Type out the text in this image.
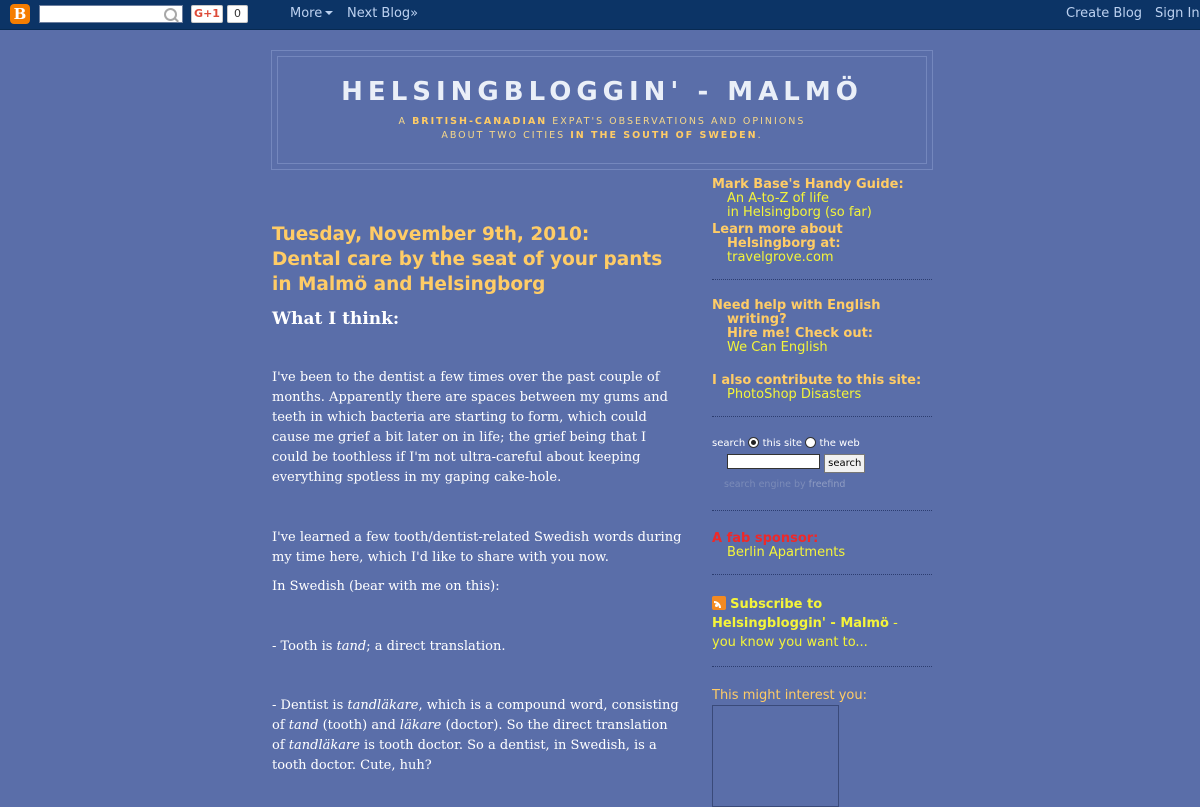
B	G+1	0	More	Next Blog»	Create Blog Sign In
HELSINGBLOGGIN' - MALMÖ
A BRITISH-CANADIAN EXPAT'S OBSERVATIONS AND OPINIONS
ABOUT TWO CITIES IN THE SOUTH OF SWEDEN.
Tuesday, November 9th, 2010:
Dental care by the seat of your pants
in Malmö and Helsingborg
What I think:

I've been to the dentist a few times over the past couple of months. Apparently there are spaces between my gums and teeth in which bacteria are starting to form, which could cause me grief a bit later on in life; the grief being that I could be toothless if I'm not ultra-careful about keeping everything spotless in my gaping cake-hole.

I've learned a few tooth/dentist-related Swedish words during my time here, which I'd like to share with you now.

In Swedish (bear with me on this):

- Tooth is tand; a direct translation.

- Dentist is tandläkare, which is a compound word, consisting of tand (tooth) and läkare (doctor). So the direct translation of tandläkare is tooth doctor. So a dentist, in Swedish, is a tooth doctor. Cute, huh?

Mark Base's Handy Guide:
An A-to-Z of life
in Helsingborg (so far)
Learn more about
Helsingborg at:
travelgrove.com
Need help with English
writing?
Hire me! Check out:
We Can English
I also contribute to this site:
PhotoShop Disasters
search this site the web
search
search engine by freefind
A fab sponsor:
Berlin Apartments
Subscribe to
Helsingbloggin' - Malmö -
you know you want to...
This might interest you:
